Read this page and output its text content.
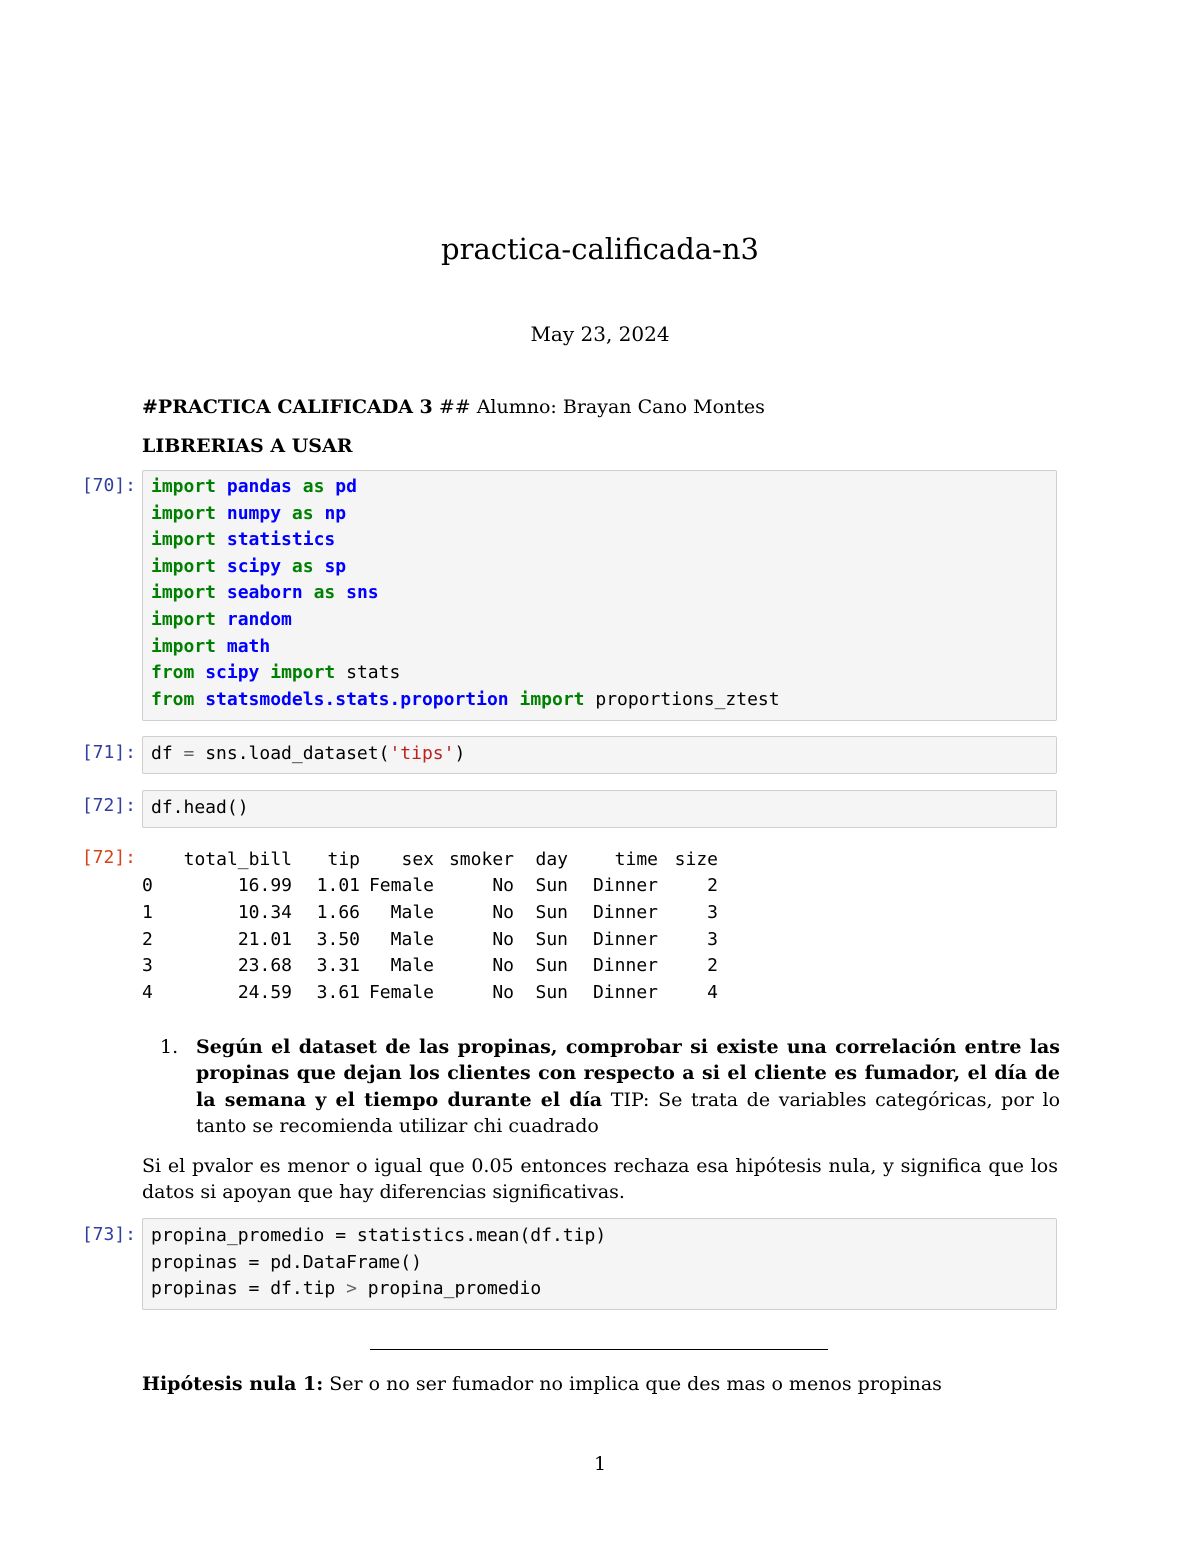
practica-calificada-n3
May 23, 2024
#PRACTICA CALIFICADA 3 ## Alumno: Brayan Cano Montes
LIBRERIAS A USAR
[70]: import pandas as pd
import numpy as np
import statistics
import scipy as sp
import seaborn as sns
import random
import math
from scipy import stats
from statsmodels.stats.proportion import proportions_ztest
[71]: df = sns.load_dataset('tips')
[72]: df.head()
[72]:
		total_bill	tip	sex	smoker	day	time	size
0	16.99	1.01	Female	No	Sun	Dinner	2
1	10.34	1.66	Male	No	Sun	Dinner	3
2	21.01	3.50	Male	No	Sun	Dinner	3
3	23.68	3.31	Male	No	Sun	Dinner	2
4	24.59	3.61	Female	No	Sun	Dinner	4
1. Según el dataset de las propinas, comprobar si existe una correlación entre las propinas que dejan los clientes con respecto a si el cliente es fumador, el día de la semana y el tiempo durante el día TIP: Se trata de variables categóricas, por lo tanto se recomienda utilizar chi cuadrado
Si el pvalor es menor o igual que 0.05 entonces rechaza esa hipótesis nula, y significa que los datos si apoyan que hay diferencias significativas.
[73]: propina_promedio = statistics.mean(df.tip)
propinas = pd.DataFrame()
propinas = df.tip > propina_promedio
Hipótesis nula 1: Ser o no ser fumador no implica que des mas o menos propinas
1
